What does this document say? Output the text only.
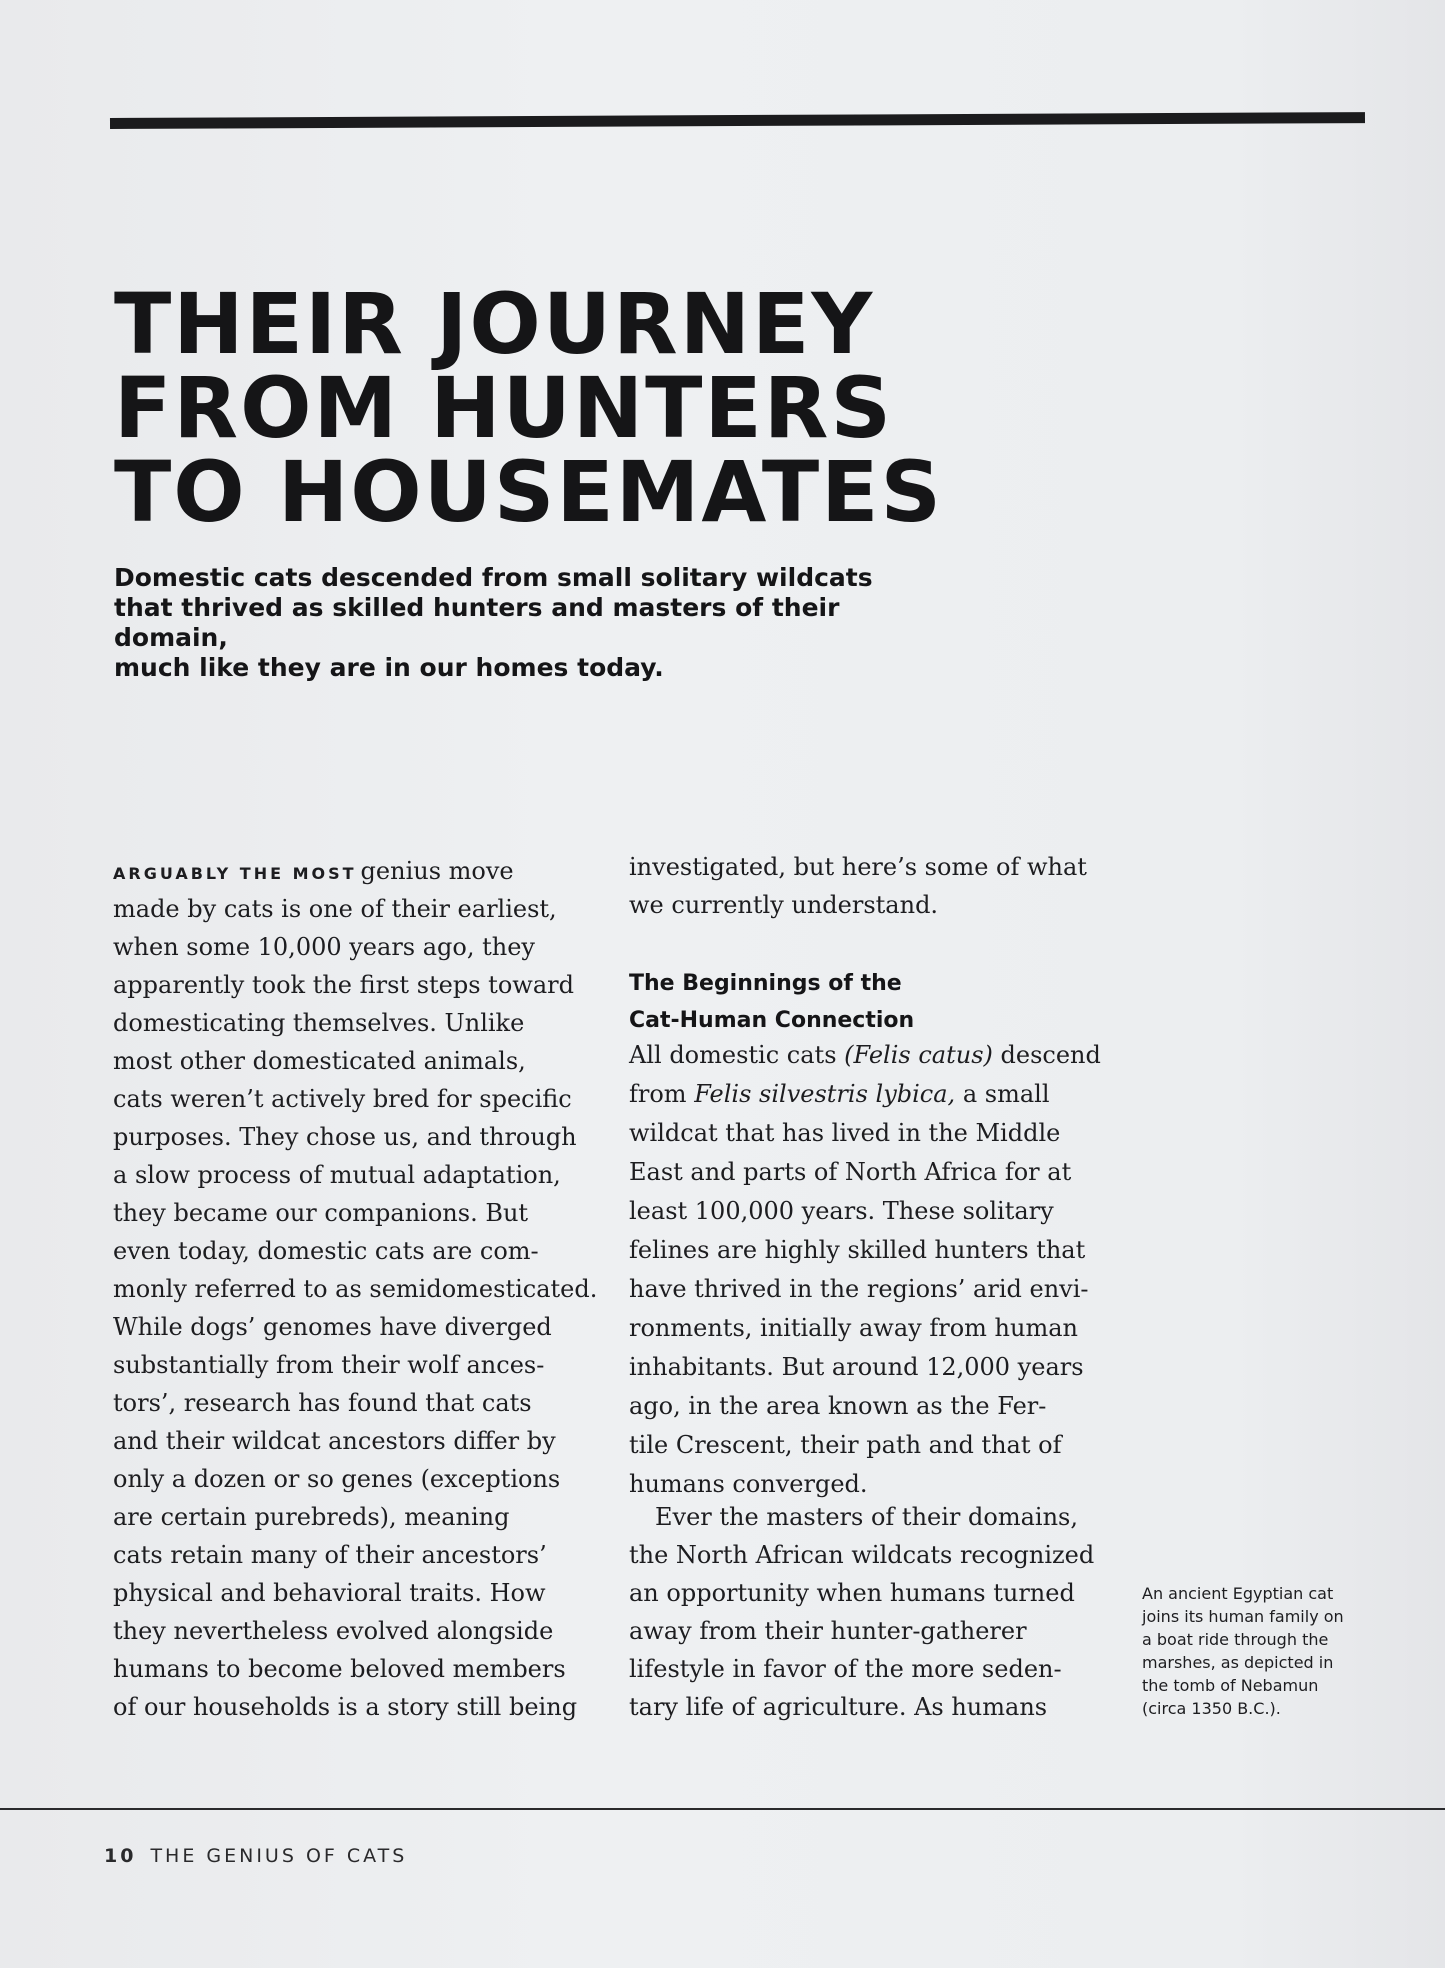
THEIR JOURNEY
FROM HUNTERS
TO HOUSEMATES

Domestic cats descended from small solitary wildcats
that thrived as skilled hunters and masters of their domain,
much like they are in our homes today.

ARGUABLY THE MOST genius move
made by cats is one of their earliest,
when some 10,000 years ago, they
apparently took the first steps toward
domesticating themselves. Unlike
most other domesticated animals,
cats weren’t actively bred for specific
purposes. They chose us, and through
a slow process of mutual adaptation,
they became our companions. But
even today, domestic cats are com-
monly referred to as semidomesticated.
While dogs’ genomes have diverged
substantially from their wolf ances-
tors’, research has found that cats
and their wildcat ancestors differ by
only a dozen or so genes (exceptions
are certain purebreds), meaning
cats retain many of their ancestors’
physical and behavioral traits. How
they nevertheless evolved alongside
humans to become beloved members
of our households is a story still being
investigated, but here’s some of what
we currently understand.
All domestic cats (Felis catus) descend
from Felis silvestris lybica, a small
wildcat that has lived in the Middle
East and parts of North Africa for at
least 100,000 years. These solitary
felines are highly skilled hunters that
have thrived in the regions’ arid envi-
ronments, initially away from human
inhabitants. But around 12,000 years
ago, in the area known as the Fer-
tile Crescent, their path and that of
humans converged.
Ever the masters of their domains,
the North African wildcats recognized
an opportunity when humans turned
away from their hunter-gatherer
lifestyle in favor of the more seden-
tary life of agriculture. As humans
The Beginnings of the
Cat-Human Connection
An ancient Egyptian cat
joins its human family on
a boat ride through the
marshes, as depicted in
the tomb of Nebamun
(circa 1350 B.C.).
10 THE GENIUS OF CATS
